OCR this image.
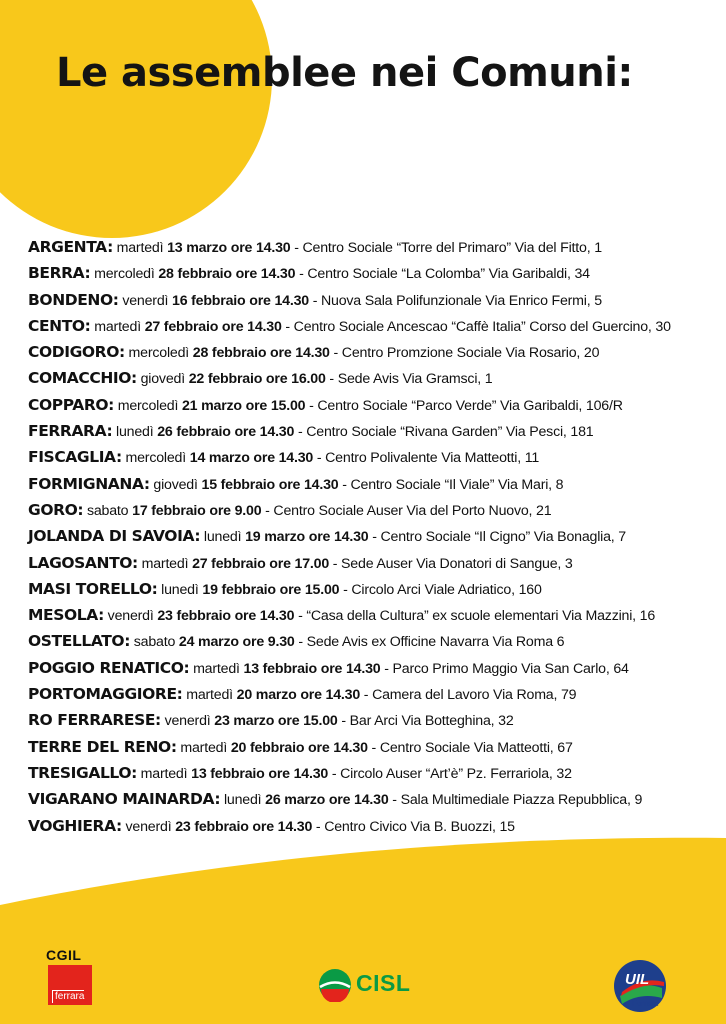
Le assemblee nei Comuni:
ARGENTA: martedì 13 marzo ore 14.30 - Centro Sociale “Torre del Primaro” Via del Fitto, 1
BERRA: mercoledì 28 febbraio ore 14.30 - Centro Sociale “La Colomba” Via Garibaldi, 34
BONDENO: venerdì 16 febbraio ore 14.30 - Nuova Sala Polifunzionale Via Enrico Fermi, 5
CENTO: martedì 27 febbraio ore 14.30 - Centro Sociale Ancescao “Caffè Italia” Corso del Guercino, 30
CODIGORO: mercoledì 28 febbraio ore 14.30 - Centro Promzione Sociale Via Rosario, 20
COMACCHIO: giovedì 22 febbraio ore 16.00 - Sede Avis Via Gramsci, 1
COPPARO: mercoledì 21 marzo ore 15.00 - Centro Sociale “Parco Verde” Via Garibaldi, 106/R
FERRARA: lunedì 26 febbraio ore 14.30 - Centro Sociale “Rivana Garden” Via Pesci, 181
FISCAGLIA: mercoledì 14 marzo ore 14.30 - Centro Polivalente Via Matteotti, 11
FORMIGNANA: giovedì 15 febbraio ore 14.30 - Centro Sociale “Il Viale” Via Mari, 8
GORO: sabato 17 febbraio ore 9.00 - Centro Sociale Auser Via del Porto Nuovo, 21
JOLANDA DI SAVOIA: lunedì 19 marzo ore 14.30 - Centro Sociale “Il Cigno” Via Bonaglia, 7
LAGOSANTO: martedì 27 febbraio ore 17.00 - Sede Auser Via Donatori di Sangue, 3
MASI TORELLO: lunedì 19 febbraio ore 15.00 - Circolo Arci Viale Adriatico, 160
MESOLA: venerdì 23 febbraio ore 14.30 - “Casa della Cultura” ex scuole elementari Via Mazzini, 16
OSTELLATO: sabato 24 marzo ore 9.30 - Sede Avis ex Officine Navarra Via Roma 6
POGGIO RENATICO: martedì 13 febbraio ore 14.30 - Parco Primo Maggio Via San Carlo, 64
PORTOMAGGIORE: martedì 20 marzo ore 14.30 - Camera del Lavoro Via Roma, 79
RO FERRARESE: venerdì 23 marzo ore 15.00 - Bar Arci Via Botteghina, 32
TERRE DEL RENO: martedì 20 febbraio ore 14.30 - Centro Sociale Via Matteotti, 67
TRESIGALLO: martedì 13 febbraio ore 14.30 - Circolo Auser “Art’è” Pz. Ferrariola, 32
VIGARANO MAINARDA: lunedì 26 marzo ore 14.30 - Sala Multimediale Piazza Repubblica, 9
VOGHIERA: venerdì 23 febbraio ore 14.30 - Centro Civico Via B. Buozzi, 15
CGIL
ferrara
CISL	UIL
Ferrara
